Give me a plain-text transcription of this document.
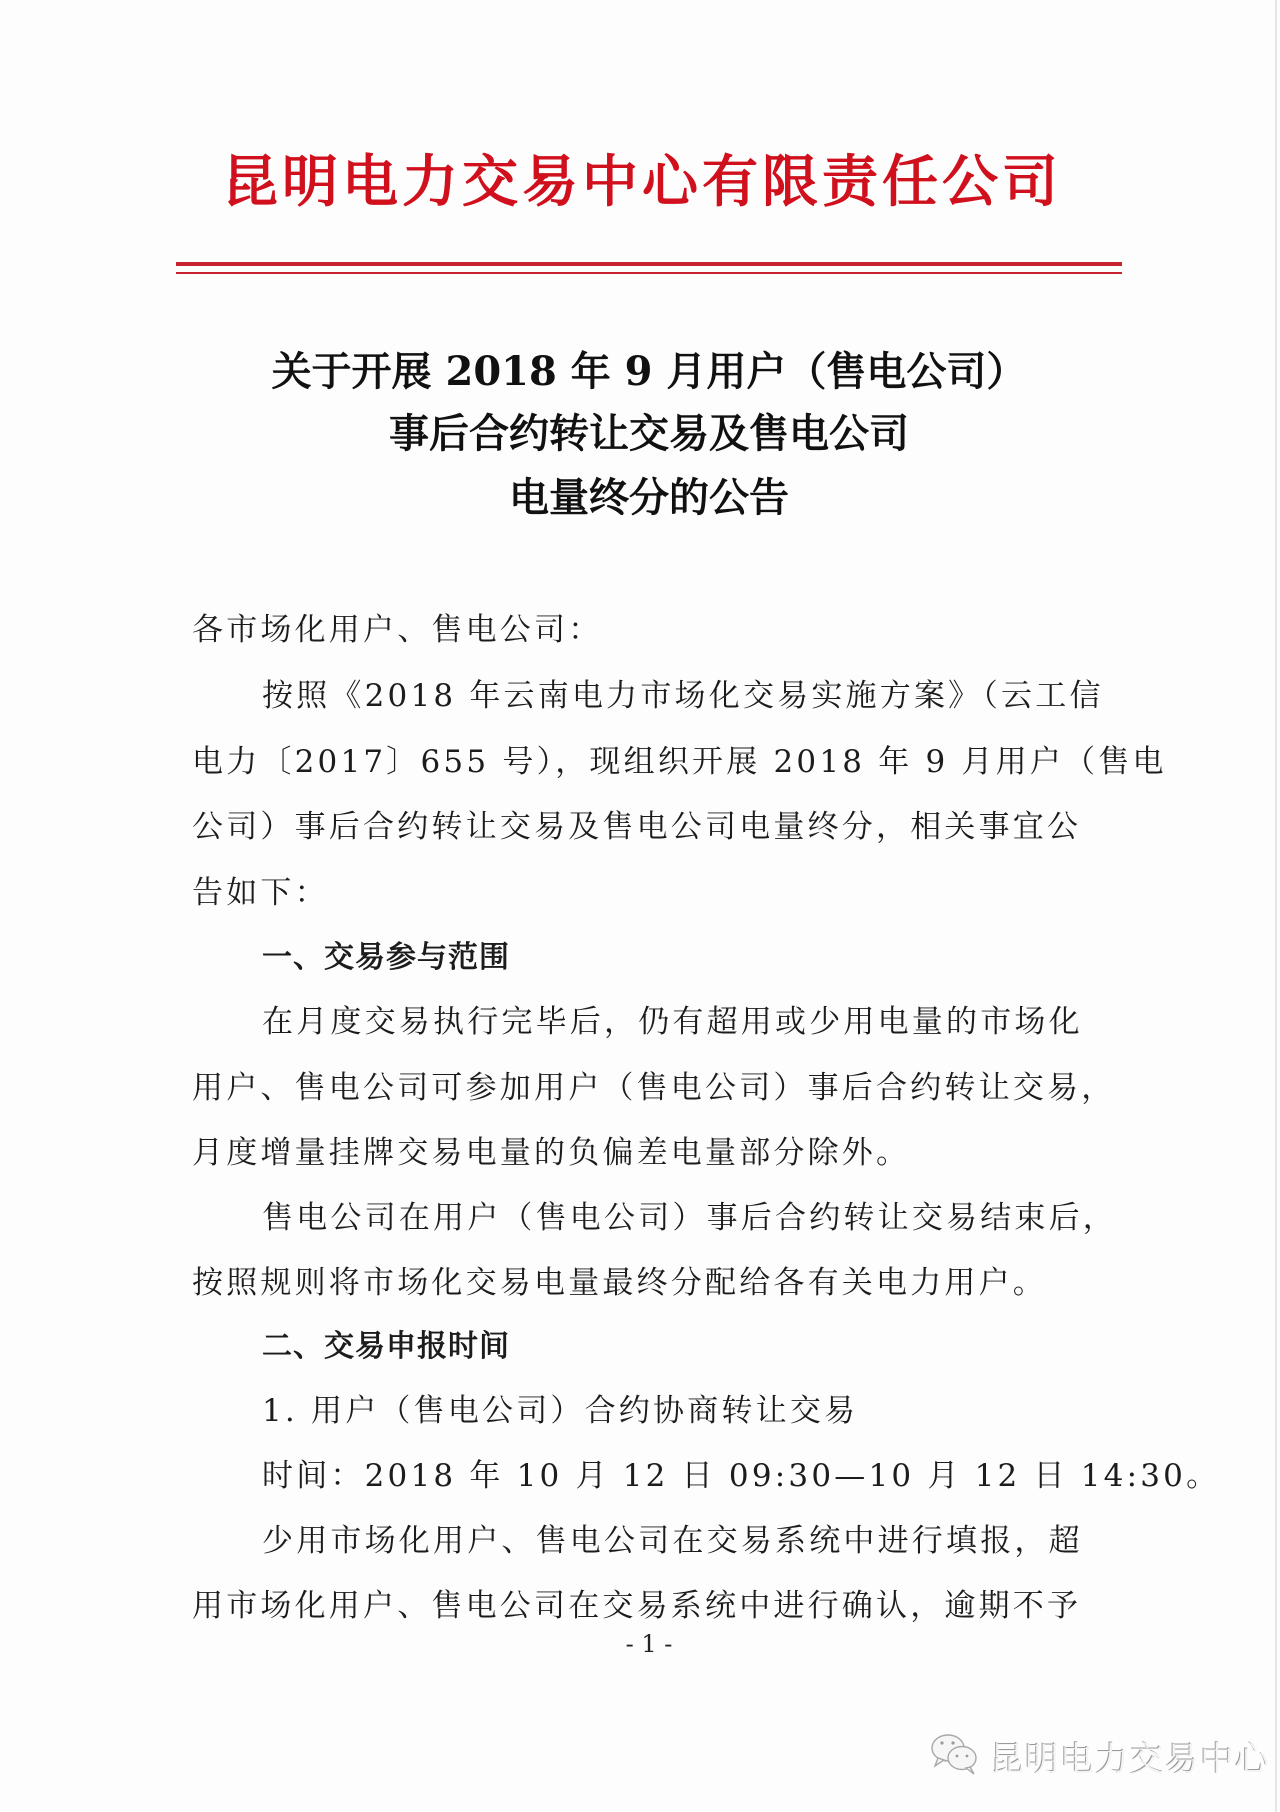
昆明电力交易中心有限责任公司
关于开展 2018 年 9 月用户（售电公司）
事后合约转让交易及售电公司
电量终分的公告
各市场化用户、售电公司：
按照《2018 年云南电力市场化交易实施方案》（云工信
电力〔2017〕655 号），现组织开展 2018 年 9 月用户（售电
公司）事后合约转让交易及售电公司电量终分，相关事宜公
告如下：
一、交易参与范围
在月度交易执行完毕后，仍有超用或少用电量的市场化
用户、售电公司可参加用户（售电公司）事后合约转让交易，
月度增量挂牌交易电量的负偏差电量部分除外。
售电公司在用户（售电公司）事后合约转让交易结束后，
按照规则将市场化交易电量最终分配给各有关电力用户。
二、交易申报时间
1. 用户（售电公司）合约协商转让交易
时间：2018 年 10 月 12 日 09:30—10 月 12 日 14:30。
少用市场化用户、售电公司在交易系统中进行填报，超
用市场化用户、售电公司在交易系统中进行确认，逾期不予
- 1 -
昆明电力交易中心
